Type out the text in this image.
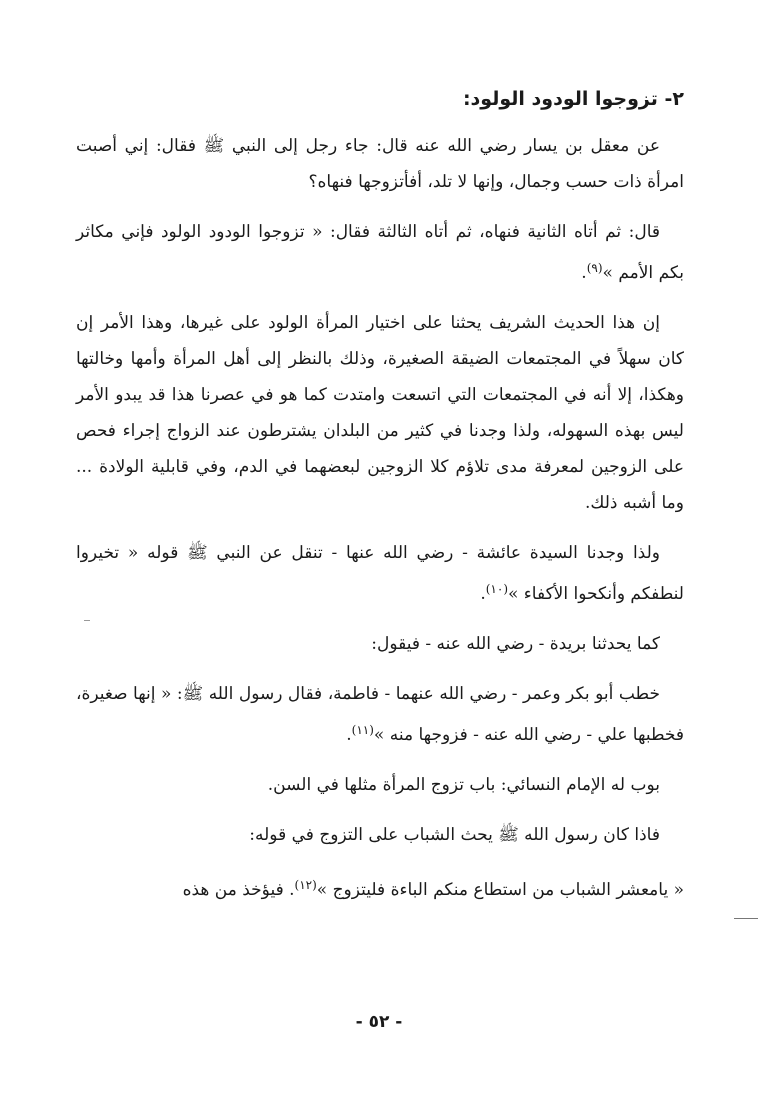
٢- تزوجوا الودود الولود:

عن معقل بن يسار رضي الله عنه قال: جاء رجل إلى النبي ﷺ فقال: إني أصبت امرأة ذات حسب وجمال، وإنها لا تلد، أفأتزوجها فنهاه؟

قال: ثم أتاه الثانية فنهاه، ثم أتاه الثالثة فقال: « تزوجوا الودود الولود فإني مكاثر بكم الأمم »$^{(٩)}$.

إن هذا الحديث الشريف يحثنا على اختيار المرأة الولود على غيرها، وهذا الأمر إن كان سهلاً في المجتمعات الضيقة الصغيرة، وذلك بالنظر إلى أهل المرأة وأمها وخالتها وهكذا، إلا أنه في المجتمعات التي اتسعت وامتدت كما هو في عصرنا هذا قد يبدو الأمر ليس بهذه السهوله، ولذا وجدنا في كثير من البلدان يشترطون عند الزواج إجراء فحص على الزوجين لمعرفة مدى تلاؤم كلا الزوجين لبعضهما في الدم، وفي قابلية الولادة ... وما أشبه ذلك.

ولذا وجدنا السيدة عائشة - رضي الله عنها - تنقل عن النبي ﷺ قوله « تخيروا لنطفكم وأنكحوا الأكفاء »$^{(١٠)}$.

كما يحدثنا بريدة - رضي الله عنه - فيقول:

خطب أبو بكر وعمر - رضي الله عنهما - فاطمة، فقال رسول الله ﷺ: « إنها صغيرة، فخطبها علي - رضي الله عنه - فزوجها منه »$^{(١١)}$.

بوب له الإمام النسائي: باب تزوج المرأة مثلها في السن.

فاذا كان رسول الله ﷺ يحث الشباب على التزوج في قوله:

« يامعشر الشباب من استطاع منكم الباءة فليتزوج »$^{(١٢)}$. فيؤخذ من هذه

- ٥٢ -
